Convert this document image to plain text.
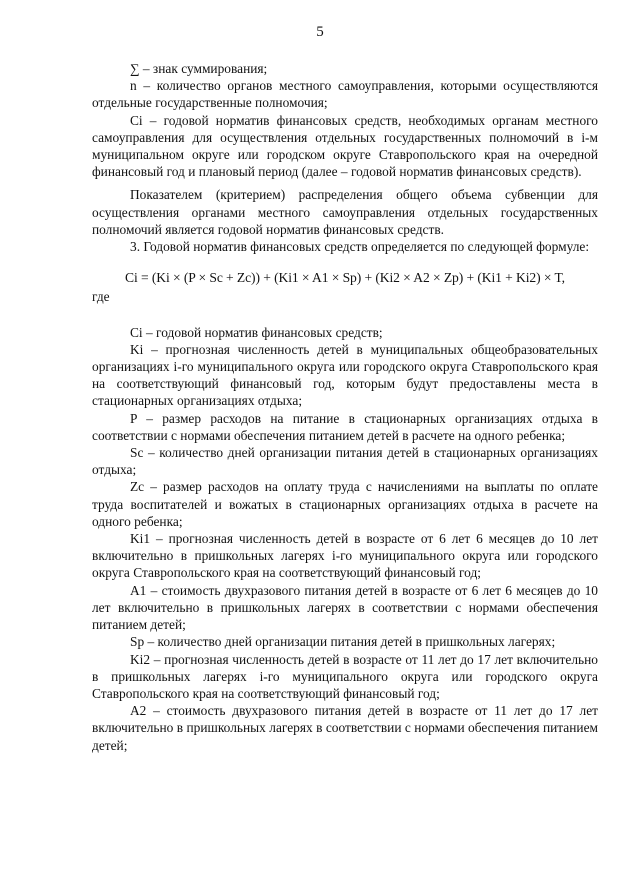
5

∑ – знак суммирования;

n – количество органов местного самоуправления, которыми осуществляются отдельные государственные полномочия;

Ci – годовой норматив финансовых средств, необходимых органам местного самоуправления для осуществления отдельных государственных полномочий в i-м муниципальном округе или городском округе Ставропольского края на очередной финансовый год и плановый период (далее – годовой норматив финансовых средств).

Показателем (критерием) распределения общего объема субвенции для осуществления органами местного самоуправления отдельных государственных полномочий является годовой норматив финансовых средств.

3. Годовой норматив финансовых средств определяется по следующей формуле:

Ci = (Ki × (P × Sc + Zc)) + (Ki1 × A1 × Sp) + (Ki2 × A2 × Zp) + (Ki1 + Ki2) × T,

где

Ci – годовой норматив финансовых средств;

Ki – прогнозная численность детей в муниципальных общеобразовательных организациях i-го муниципального округа или городского округа Ставропольского края на соответствующий финансовый год, которым будут предоставлены места в стационарных организациях отдыха;

P – размер расходов на питание в стационарных организациях отдыха в соответствии с нормами обеспечения питанием детей в расчете на одного ребенка;

Sc – количество дней организации питания детей в стационарных организациях отдыха;

Zc – размер расходов на оплату труда с начислениями на выплаты по оплате труда воспитателей и вожатых в стационарных организациях отдыха в расчете на одного ребенка;

Ki1 – прогнозная численность детей в возрасте от 6 лет 6 месяцев до 10 лет включительно в пришкольных лагерях i-го муниципального округа или городского округа Ставропольского края на соответствующий финансовый год;

A1 – стоимость двухразового питания детей в возрасте от 6 лет 6 месяцев до 10 лет включительно в пришкольных лагерях в соответствии с нормами обеспечения питанием детей;

Sp – количество дней организации питания детей в пришкольных лагерях;

Ki2 – прогнозная численность детей в возрасте от 11 лет до 17 лет включительно в пришкольных лагерях i-го муниципального округа или городского округа Ставропольского края на соответствующий финансовый год;

A2 – стоимость двухразового питания детей в возрасте от 11 лет до 17 лет включительно в пришкольных лагерях в соответствии с нормами обеспечения питанием детей;
